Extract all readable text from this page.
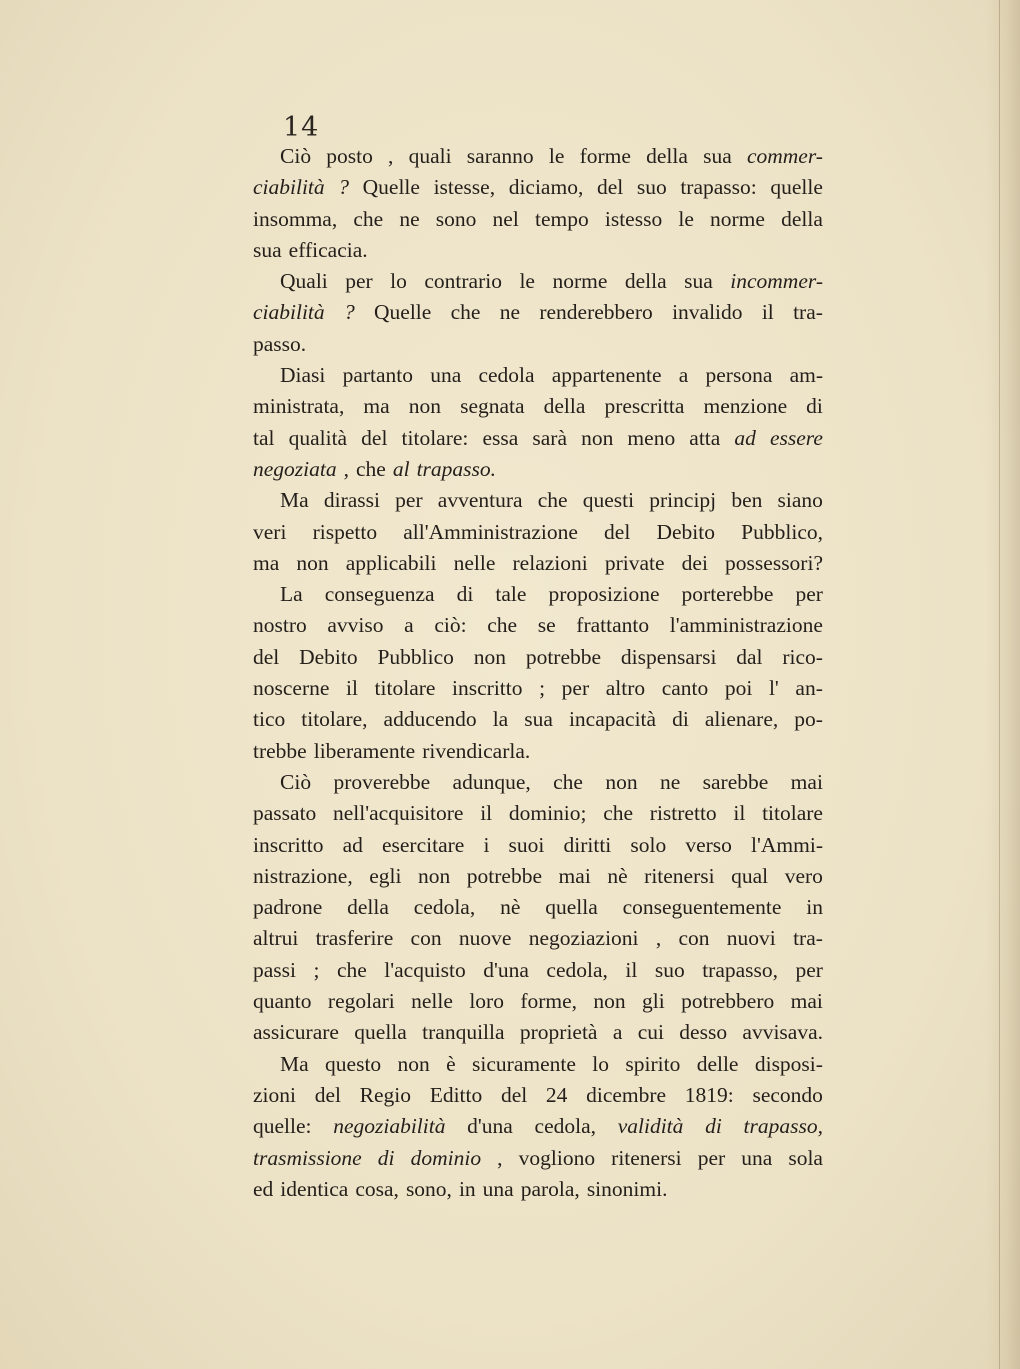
14
Ciò posto , quali saranno le forme della sua commer-
ciabilità ? Quelle istesse, diciamo, del suo trapasso: quelle
insomma, che ne sono nel tempo istesso le norme della
sua efficacia.
Quali per lo contrario le norme della sua incommer-
ciabilità ? Quelle che ne renderebbero invalido il tra-
passo.
Diasi partanto una cedola appartenente a persona am-
ministrata, ma non segnata della prescritta menzione di
tal qualità del titolare: essa sarà non meno atta ad essere
negoziata , che al trapasso.
Ma dirassi per avventura che questi principj ben siano
veri rispetto all'Amministrazione del Debito Pubblico,
ma non applicabili nelle relazioni private dei possessori?
La conseguenza di tale proposizione porterebbe per
nostro avviso a ciò: che se frattanto l'amministrazione
del Debito Pubblico non potrebbe dispensarsi dal rico-
noscerne il titolare inscritto ; per altro canto poi l' an-
tico titolare, adducendo la sua incapacità di alienare, po-
trebbe liberamente rivendicarla.
Ciò proverebbe adunque, che non ne sarebbe mai
passato nell'acquisitore il dominio; che ristretto il titolare
inscritto ad esercitare i suoi diritti solo verso l'Ammi-
nistrazione, egli non potrebbe mai nè ritenersi qual vero
padrone della cedola, nè quella conseguentemente in
altrui trasferire con nuove negoziazioni , con nuovi tra-
passi ; che l'acquisto d'una cedola, il suo trapasso, per
quanto regolari nelle loro forme, non gli potrebbero mai
assicurare quella tranquilla proprietà a cui desso avvisava.
Ma questo non è sicuramente lo spirito delle disposi-
zioni del Regio Editto del 24 dicembre 1819: secondo
quelle: negoziabilità d'una cedola, validità di trapasso,
trasmissione di dominio , vogliono ritenersi per una sola
ed identica cosa, sono, in una parola, sinonimi.
